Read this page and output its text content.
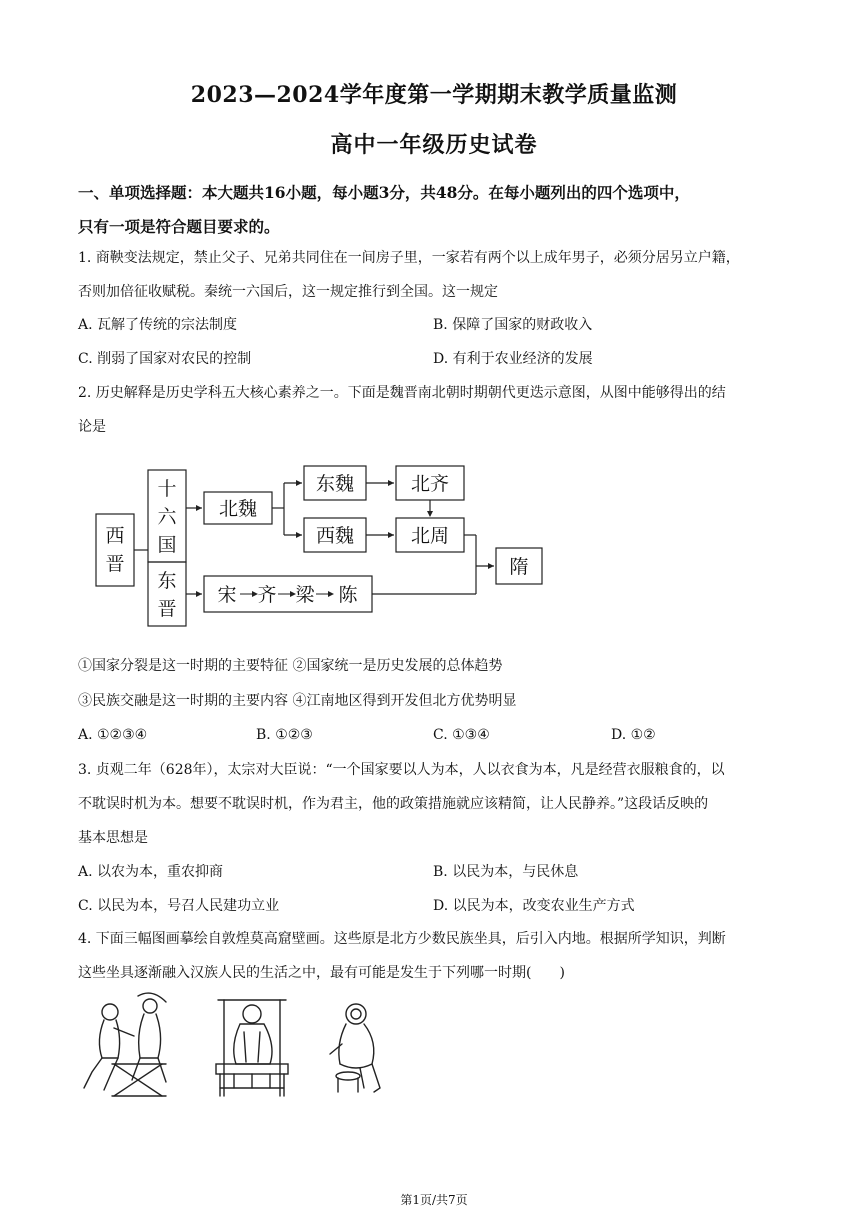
2023—2024学年度第一学期期末教学质量监测
高中一年级历史试卷
一、单项选择题：本大题共16小题，每小题3分，共48分。在每小题列出的四个选项中，
只有一项是符合题目要求的。
1. 商鞅变法规定，禁止父子、兄弟共同住在一间房子里，一家若有两个以上成年男子，必须分居另立户籍，
否则加倍征收赋税。秦统一六国后，这一规定推行到全国。这一规定
A. 瓦解了传统的宗法制度	B. 保障了国家的财政收入
C. 削弱了国家对农民的控制	D. 有利于农业经济的发展
2. 历史解释是历史学科五大核心素养之一。下面是魏晋南北朝时期朝代更迭示意图，从图中能够得出的结
论是
西
晋
十
六
国
东
晋
北魏
东魏
西魏
北齐
北周
隋
宋 齐 梁 陈
①国家分裂是这一时期的主要特征 ②国家统一是历史发展的总体趋势
③民族交融是这一时期的主要内容 ④江南地区得到开发但北方优势明显
A. ①②③④	B. ①②③	C. ①③④	D. ①②
3. 贞观二年（628年），太宗对大臣说：“一个国家要以人为本，人以衣食为本，凡是经营衣服粮食的，以
不耽误时机为本。想要不耽误时机，作为君主，他的政策措施就应该精简，让人民静养。”这段话反映的
基本思想是
A. 以农为本，重农抑商	B. 以民为本，与民休息
C. 以民为本，号召人民建功立业	D. 以民为本，改变农业生产方式
4. 下面三幅图画摹绘自敦煌莫高窟壁画。这些原是北方少数民族坐具，后引入内地。根据所学知识，判断
这些坐具逐渐融入汉族人民的生活之中，最有可能是发生于下列哪一时期(　　)
第1页/共7页
